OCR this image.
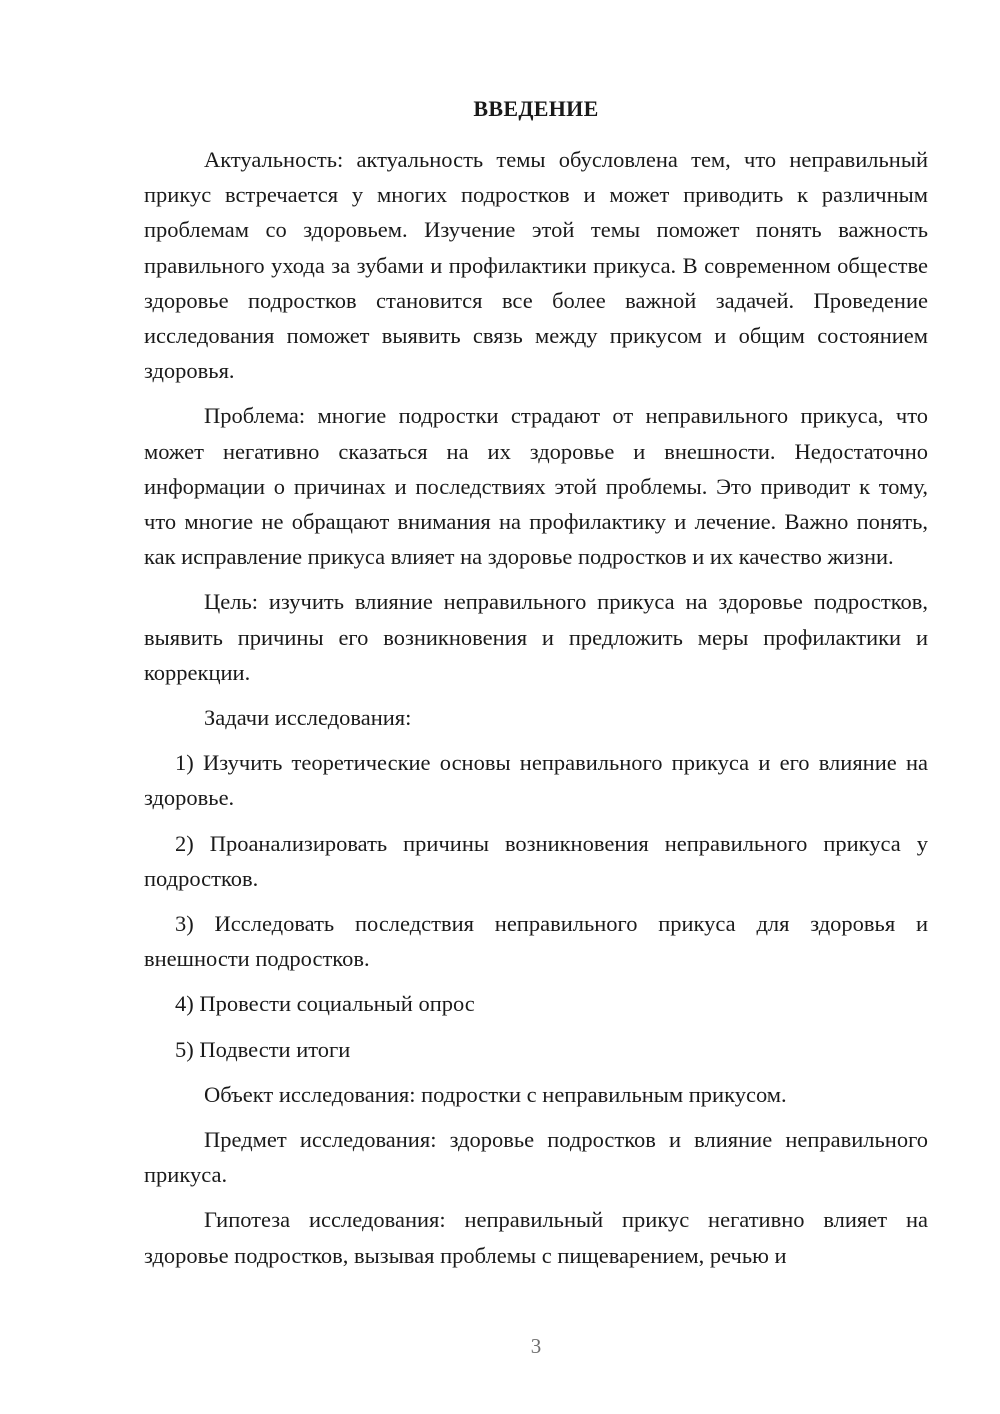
ВВЕДЕНИЕ

Актуальность: актуальность темы обусловлена тем, что неправильный прикус встречается у многих подростков и может приводить к различным проблемам со здоровьем. Изучение этой темы поможет понять важность правильного ухода за зубами и профилактики прикуса. В современном обществе здоровье подростков становится все более важной задачей. Проведение исследования поможет выявить связь между прикусом и общим состоянием здоровья.

Проблема: многие подростки страдают от неправильного прикуса, что может негативно сказаться на их здоровье и внешности. Недостаточно информации о причинах и последствиях этой проблемы. Это приводит к тому, что многие не обращают внимания на профилактику и лечение. Важно понять, как исправление прикуса влияет на здоровье подростков и их качество жизни.

Цель: изучить влияние неправильного прикуса на здоровье подростков, выявить причины его возникновения и предложить меры профилактики и коррекции.

Задачи исследования:

1) Изучить теоретические основы неправильного прикуса и его влияние на здоровье.

2) Проанализировать причины возникновения неправильного прикуса у подростков.

3) Исследовать последствия неправильного прикуса для здоровья и внешности подростков.

4) Провести социальный опрос

5) Подвести итоги

Объект исследования: подростки с неправильным прикусом.

Предмет исследования: здоровье подростков и влияние неправильного прикуса.

Гипотеза исследования: неправильный прикус негативно влияет на здоровье подростков, вызывая проблемы с пищеварением, речью и

3
